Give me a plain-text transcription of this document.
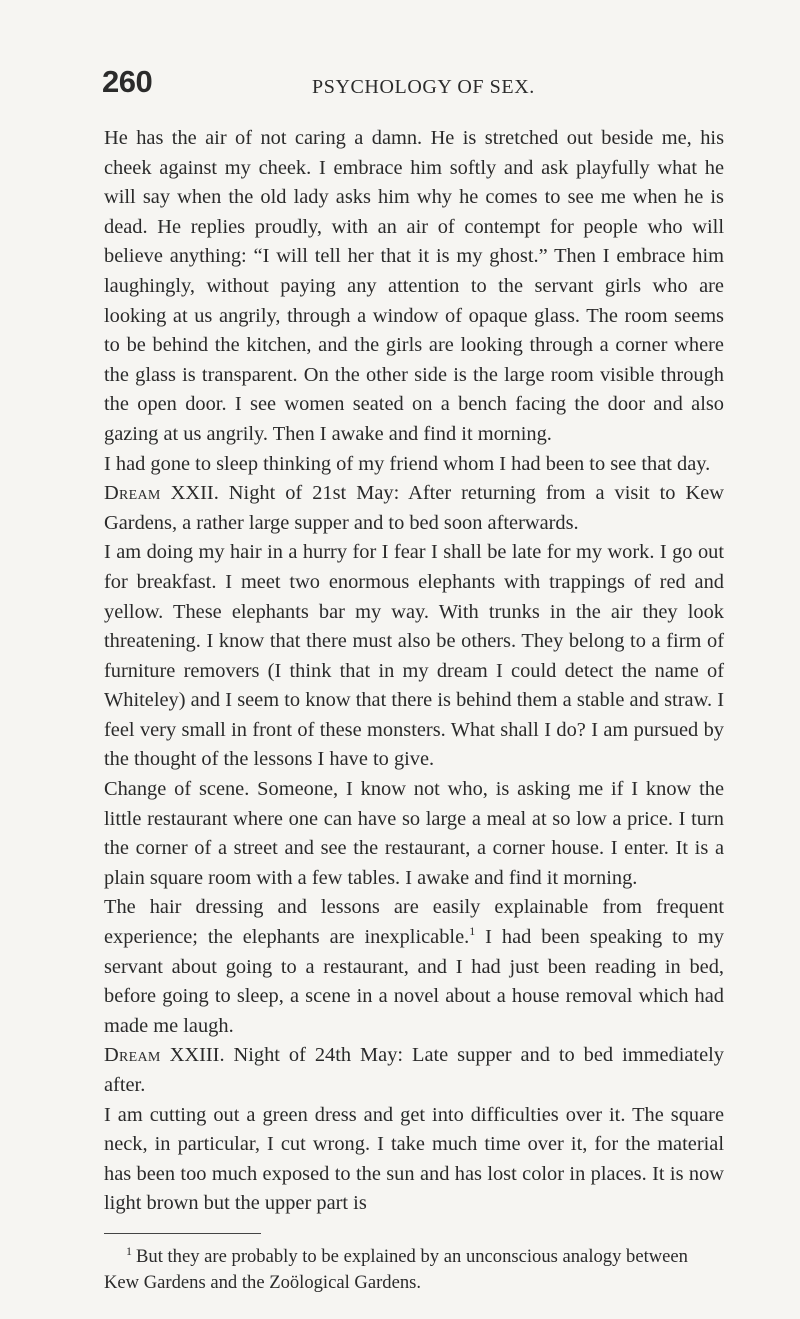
260	PSYCHOLOGY OF SEX.

He has the air of not caring a damn. He is stretched out beside me, his cheek against my cheek. I embrace him softly and ask playfully what he will say when the old lady asks him why he comes to see me when he is dead. He replies proudly, with an air of contempt for people who will believe anything: “I will tell her that it is my ghost.” Then I embrace him laughingly, without paying any attention to the servant girls who are looking at us angrily, through a window of opaque glass. The room seems to be behind the kitchen, and the girls are looking through a corner where the glass is transparent. On the other side is the large room visible through the open door. I see women seated on a bench facing the door and also gazing at us angrily. Then I awake and find it morning.

I had gone to sleep thinking of my friend whom I had been to see that day.

Dream XXII. Night of 21st May: After returning from a visit to Kew Gardens, a rather large supper and to bed soon afterwards.

I am doing my hair in a hurry for I fear I shall be late for my work. I go out for breakfast. I meet two enormous elephants with trappings of red and yellow. These elephants bar my way. With trunks in the air they look threatening. I know that there must also be others. They belong to a firm of furniture removers (I think that in my dream I could detect the name of Whiteley) and I seem to know that there is behind them a stable and straw. I feel very small in front of these monsters. What shall I do? I am pursued by the thought of the lessons I have to give.

Change of scene. Someone, I know not who, is asking me if I know the little restaurant where one can have so large a meal at so low a price. I turn the corner of a street and see the restaurant, a corner house. I enter. It is a plain square room with a few tables. I awake and find it morning.

The hair dressing and lessons are easily explainable from frequent experience; the elephants are inexplicable.$^1$ I had been speaking to my servant about going to a restaurant, and I had just been reading in bed, before going to sleep, a scene in a novel about a house removal which had made me laugh.

Dream XXIII. Night of 24th May: Late supper and to bed immediately after.

I am cutting out a green dress and get into difficulties over it. The square neck, in particular, I cut wrong. I take much time over it, for the material has been too much exposed to the sun and has lost color in places. It is now light brown but the upper part is

$^1$ But they are probably to be explained by an unconscious analogy between Kew Gardens and the Zoölogical Gardens.
